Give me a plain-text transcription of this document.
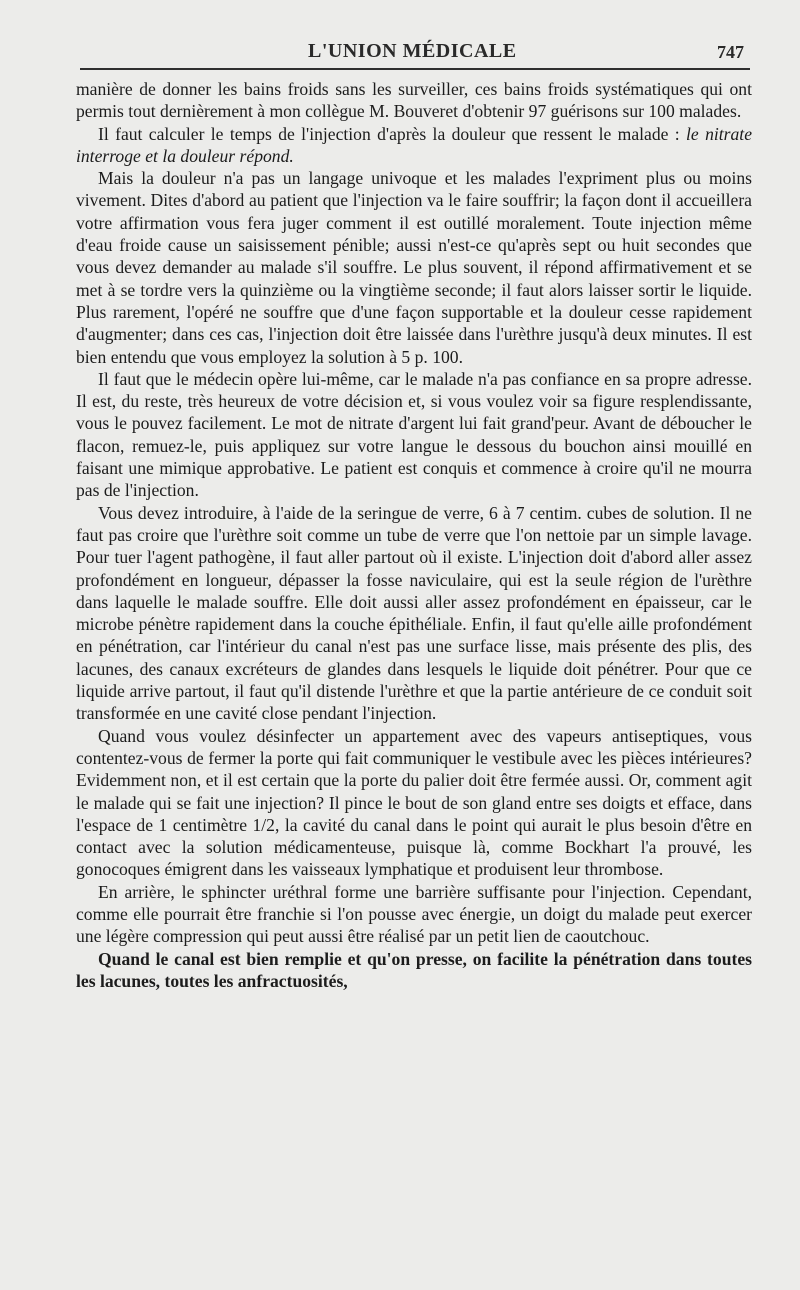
L'UNION MÉDICALE	747

manière de donner les bains froids sans les surveiller, ces bains froids systématiques qui ont permis tout dernièrement à mon collègue M. Bouveret d'obtenir 97 guérisons sur 100 malades.

Il faut calculer le temps de l'injection d'après la douleur que ressent le malade : le nitrate interroge et la douleur répond.

Mais la douleur n'a pas un langage univoque et les malades l'expriment plus ou moins vivement. Dites d'abord au patient que l'injection va le faire souffrir; la façon dont il accueillera votre affirmation vous fera juger comment il est outillé moralement. Toute injection même d'eau froide cause un saisissement pénible; aussi n'est-ce qu'après sept ou huit secondes que vous devez demander au malade s'il souffre. Le plus souvent, il répond affirmativement et se met à se tordre vers la quinzième ou la vingtième seconde; il faut alors laisser sortir le liquide. Plus rarement, l'opéré ne souffre que d'une façon supportable et la douleur cesse rapidement d'augmenter; dans ces cas, l'injection doit être laissée dans l'urèthre jusqu'à deux minutes. Il est bien entendu que vous employez la solution à 5 p. 100.

Il faut que le médecin opère lui-même, car le malade n'a pas confiance en sa propre adresse. Il est, du reste, très heureux de votre décision et, si vous voulez voir sa figure resplendissante, vous le pouvez facilement. Le mot de nitrate d'argent lui fait grand'peur. Avant de déboucher le flacon, remuez-le, puis appliquez sur votre langue le dessous du bouchon ainsi mouillé en faisant une mimique approbative. Le patient est conquis et commence à croire qu'il ne mourra pas de l'injection.

Vous devez introduire, à l'aide de la seringue de verre, 6 à 7 centim. cubes de solution. Il ne faut pas croire que l'urèthre soit comme un tube de verre que l'on nettoie par un simple lavage. Pour tuer l'agent pathogène, il faut aller partout où il existe. L'injection doit d'abord aller assez profondément en longueur, dépasser la fosse naviculaire, qui est la seule région de l'urèthre dans laquelle le malade souffre. Elle doit aussi aller assez profondément en épaisseur, car le microbe pénètre rapidement dans la couche épithéliale. Enfin, il faut qu'elle aille profondément en pénétration, car l'intérieur du canal n'est pas une surface lisse, mais présente des plis, des lacunes, des canaux excréteurs de glandes dans lesquels le liquide doit pénétrer. Pour que ce liquide arrive partout, il faut qu'il distende l'urèthre et que la partie antérieure de ce conduit soit transformée en une cavité close pendant l'injection.

Quand vous voulez désinfecter un appartement avec des vapeurs antiseptiques, vous contentez-vous de fermer la porte qui fait communiquer le vestibule avec les pièces intérieures? Evidemment non, et il est certain que la porte du palier doit être fermée aussi. Or, comment agit le malade qui se fait une injection? Il pince le bout de son gland entre ses doigts et efface, dans l'espace de 1 centimètre 1/2, la cavité du canal dans le point qui aurait le plus besoin d'être en contact avec la solution médicamenteuse, puisque là, comme Bockhart l'a prouvé, les gonocoques émigrent dans les vaisseaux lymphatique et produisent leur thrombose.

En arrière, le sphincter uréthral forme une barrière suffisante pour l'injection. Cependant, comme elle pourrait être franchie si l'on pousse avec énergie, un doigt du malade peut exercer une légère compression qui peut aussi être réalisé par un petit lien de caoutchouc.

Quand le canal est bien remplie et qu'on presse, on facilite la pénétration dans toutes les lacunes, toutes les anfractuosités,
